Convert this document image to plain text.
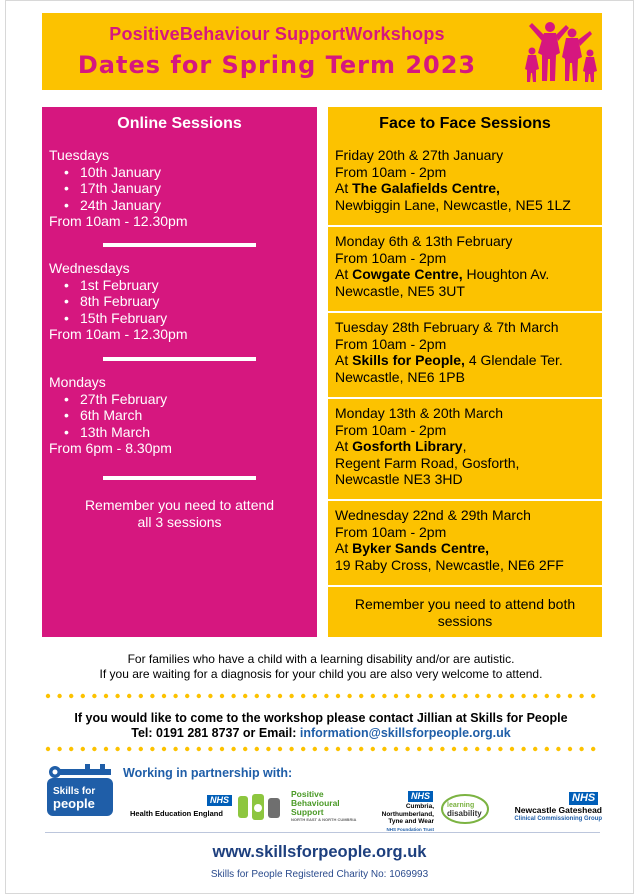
PositiveBehaviour SupportWorkshops
Dates for Spring Term 2023
Online Sessions
Tuesdays
• 10th January
• 17th January
• 24th January
From 10am - 12.30pm
Wednesdays
• 1st February
• 8th February
• 15th February
From 10am - 12.30pm
Mondays
• 27th February
• 6th March
• 13th March
From 6pm - 8.30pm
Remember you need to attend
all 3 sessions
Face to Face Sessions
Friday 20th & 27th January
From 10am - 2pm
At The Galafields Centre,
Newbiggin Lane, Newcastle, NE5 1LZ
Monday 6th & 13th February
From 10am - 2pm
At Cowgate Centre, Houghton Av.
Newcastle, NE5 3UT
Tuesday 28th February & 7th March
From 10am - 2pm
At Skills for People, 4 Glendale Ter.
Newcastle, NE6 1PB
Monday 13th & 20th March
From 10am - 2pm
At Gosforth Library,
Regent Farm Road, Gosforth,
Newcastle NE3 3HD
Wednesday 22nd & 29th March
From 10am - 2pm
At Byker Sands Centre,
19 Raby Cross, Newcastle, NE6 2FF
Remember you need to attend both
sessions
For families who have a child with a learning disability and/or are autistic.
If you are waiting for a diagnosis for your child you are also very welcome to attend.
If you would like to come to the workshop please contact Jillian at Skills for People
Tel: 0191 281 8737 or Email: information@skillsforpeople.org.uk
Skills for
people
Working in partnership with:
NHS
Health Education England
Positive
Behavioural
Support
NORTH EAST & NORTH CUMBRIA
NHS
Cumbria, Northumberland,
Tyne and Wear
NHS Foundation Trust
learning
disability
NHS
Newcastle Gateshead
Clinical Commissioning Group
www.skillsforpeople.org.uk
Skills for People Registered Charity No: 1069993
